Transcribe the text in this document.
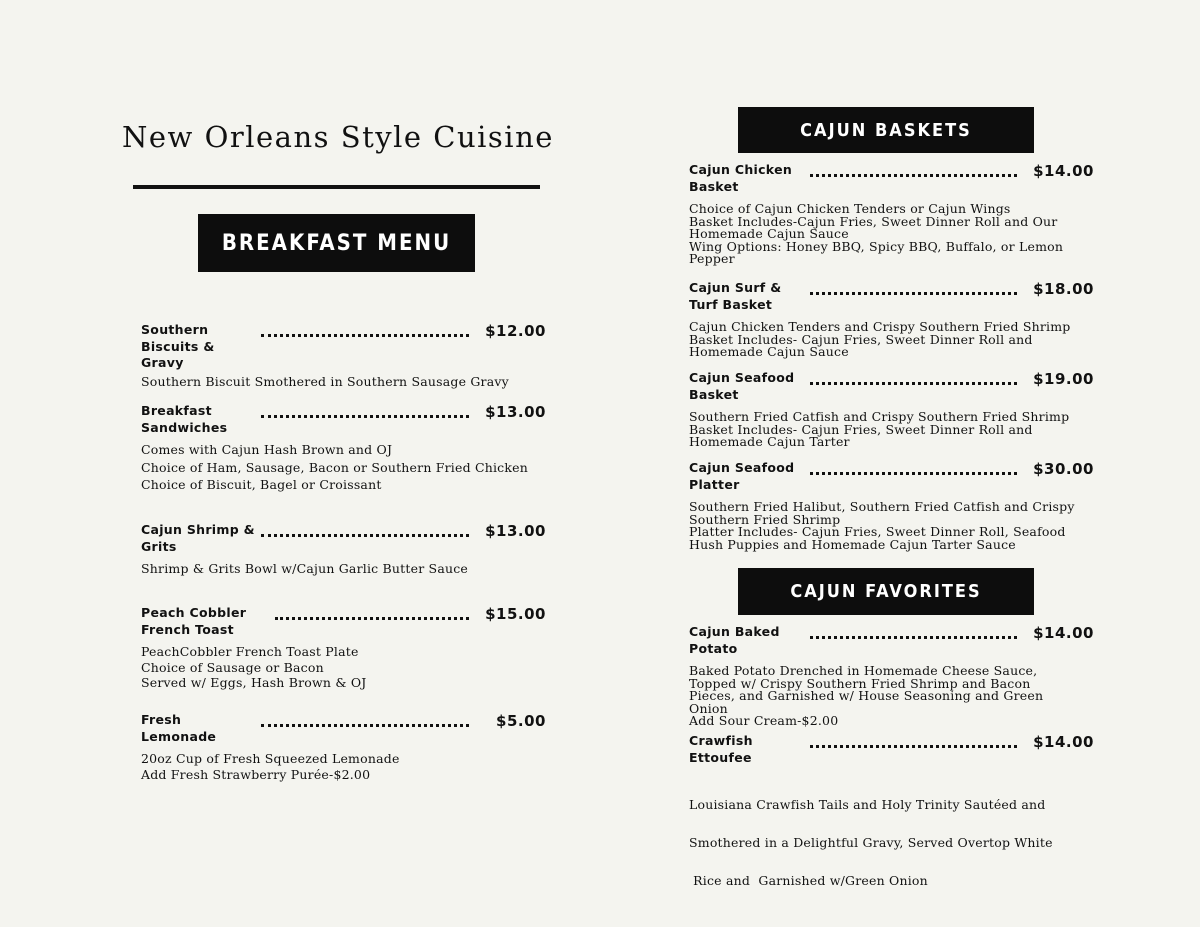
New Orleans Style Cuisine
BREAKFAST MENU
CAJUN BASKETS
CAJUN FAVORITES
Southern
Biscuits &
Gravy
$12.00
Southern Biscuit Smothered in Southern Sausage Gravy
Breakfast
Sandwiches
$13.00
Comes with Cajun Hash Brown and OJ
Choice of Ham, Sausage, Bacon or Southern Fried Chicken
Choice of Biscuit, Bagel or Croissant
Cajun Shrimp &
Grits
$13.00
Shrimp & Grits Bowl w/Cajun Garlic Butter Sauce
Peach Cobbler
French Toast
$15.00
PeachCobbler French Toast Plate
Choice of Sausage or Bacon
Served w/ Eggs, Hash Brown & OJ
Fresh
Lemonade
$5.00
20oz Cup of Fresh Squeezed Lemonade
Add Fresh Strawberry Purée-$2.00
Cajun Chicken
Basket
$14.00
Choice of Cajun Chicken Tenders or Cajun Wings
Basket Includes-Cajun Fries, Sweet Dinner Roll and Our
Homemade Cajun Sauce
Wing Options: Honey BBQ, Spicy BBQ, Buffalo, or Lemon
Pepper
Cajun Surf &
Turf Basket
$18.00
Cajun Chicken Tenders and Crispy Southern Fried Shrimp
Basket Includes- Cajun Fries, Sweet Dinner Roll and
Homemade Cajun Sauce
Cajun Seafood
Basket
$19.00
Southern Fried Catfish and Crispy Southern Fried Shrimp
Basket Includes- Cajun Fries, Sweet Dinner Roll and
Homemade Cajun Tarter
Cajun Seafood
Platter
$30.00
Southern Fried Halibut, Southern Fried Catfish and Crispy
Southern Fried Shrimp
Platter Includes- Cajun Fries, Sweet Dinner Roll, Seafood
Hush Puppies and Homemade Cajun Tarter Sauce
Cajun Baked
Potato
$14.00
Baked Potato Drenched in Homemade Cheese Sauce,
Topped w/ Crispy Southern Fried Shrimp and Bacon
Pieces, and Garnished w/ House Seasoning and Green
Onion
Add Sour Cream-$2.00
Crawfish
Ettoufee
$14.00

Louisiana Crawfish Tails and Holy Trinity Sautéed and

Smothered in a Delightful Gravy, Served Overtop White

Rice and  Garnished w/Green Onion
